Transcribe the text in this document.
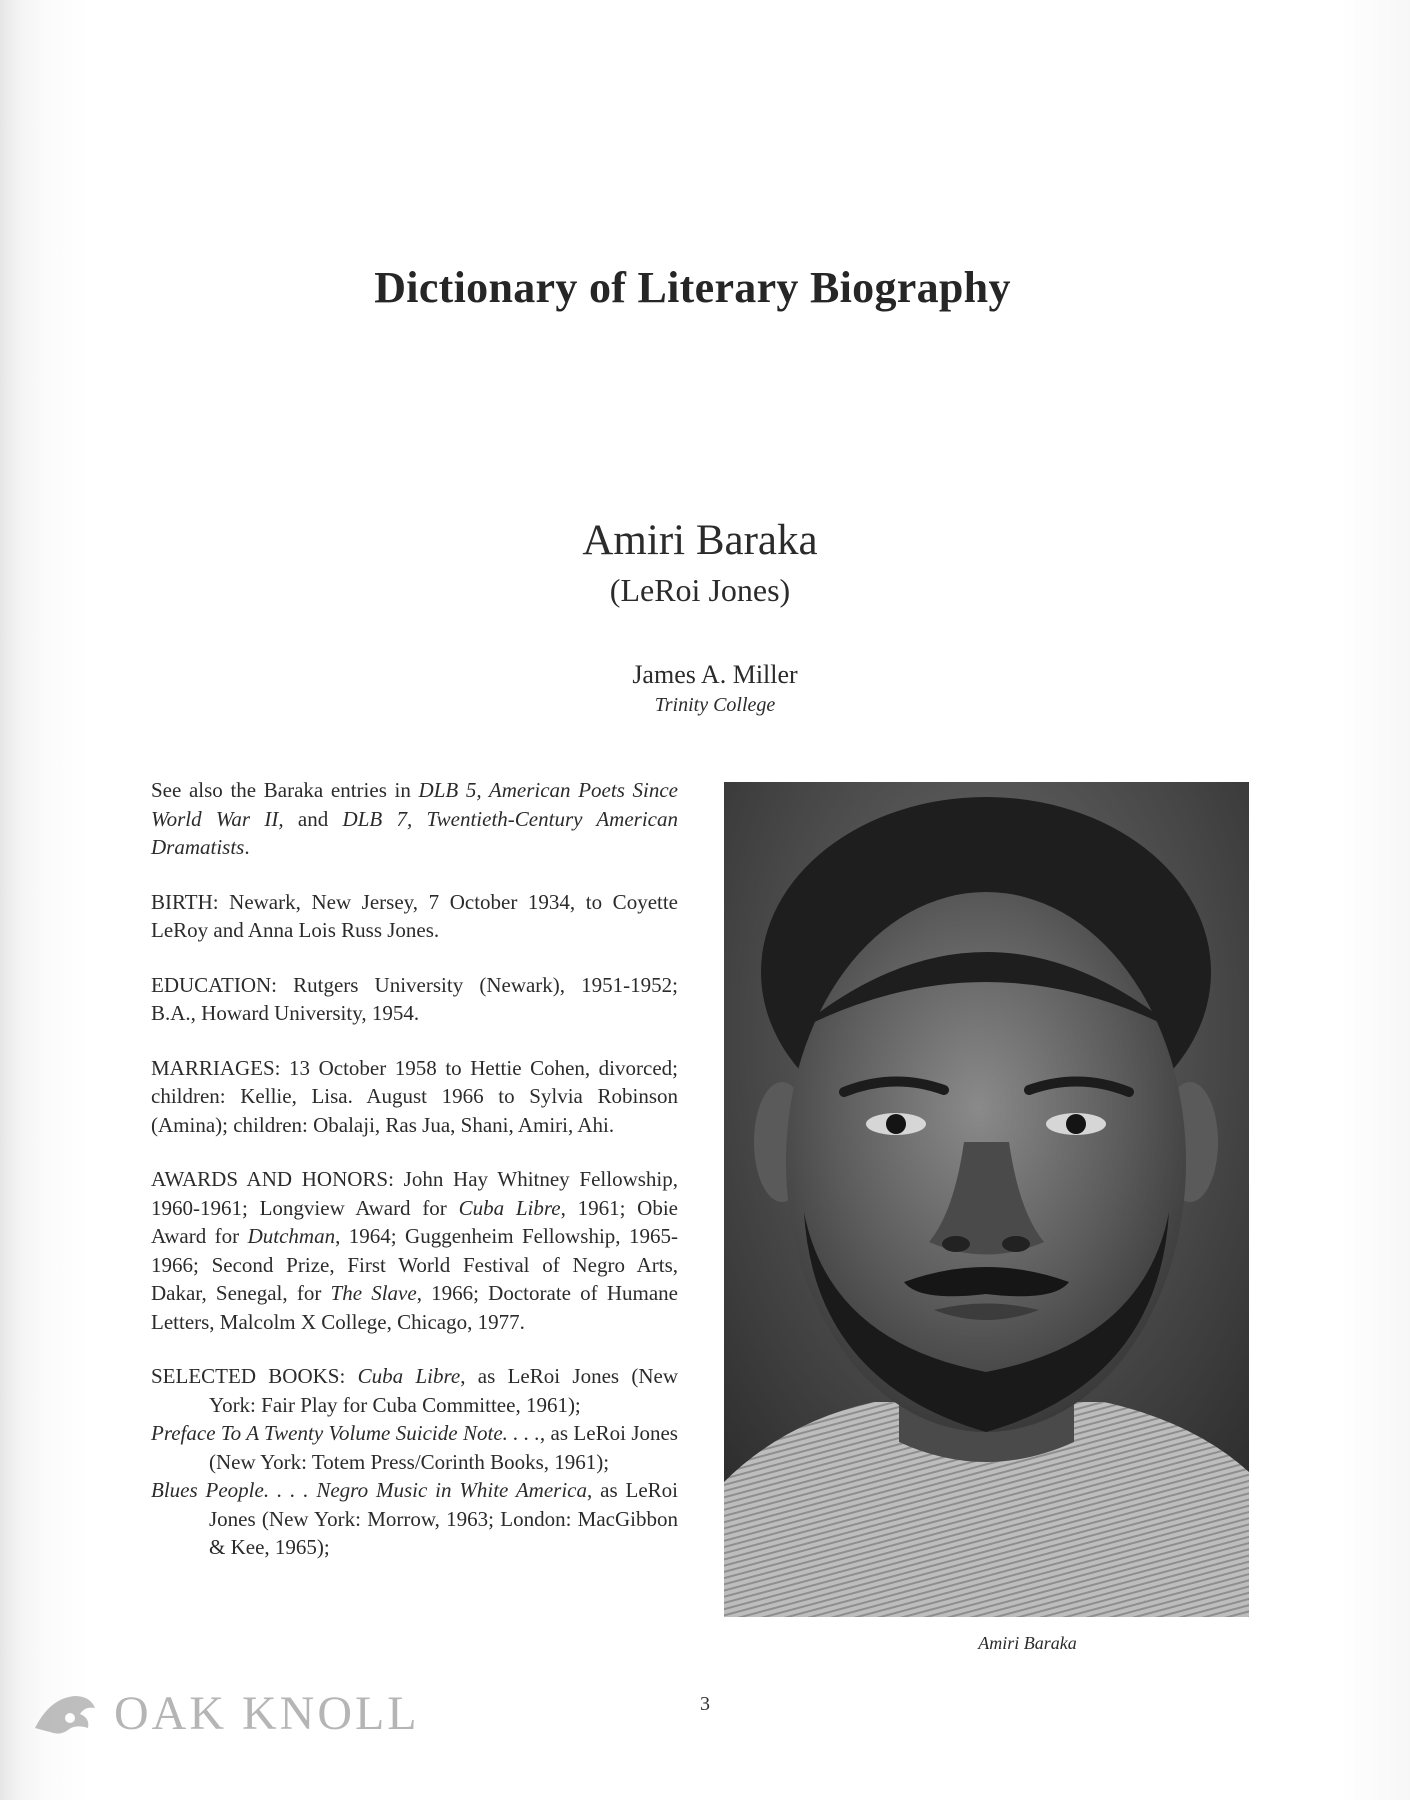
Dictionary of Literary Biography
Amiri Baraka
(LeRoi Jones)
James A. Miller
Trinity College

See also the Baraka entries in DLB 5, American Poets Since World War II, and DLB 7, Twentieth-Century American Dramatists.

BIRTH: Newark, New Jersey, 7 October 1934, to Coyette LeRoy and Anna Lois Russ Jones.

EDUCATION: Rutgers University (Newark), 1951-1952; B.A., Howard University, 1954.

MARRIAGES: 13 October 1958 to Hettie Cohen, divorced; children: Kellie, Lisa. August 1966 to Sylvia Robinson (Amina); children: Obalaji, Ras Jua, Shani, Amiri, Ahi.

AWARDS AND HONORS: John Hay Whitney Fellowship, 1960-1961; Longview Award for Cuba Libre, 1961; Obie Award for Dutchman, 1964; Guggenheim Fellowship, 1965-1966; Second Prize, First World Festival of Negro Arts, Dakar, Senegal, for The Slave, 1966; Doctorate of Humane Letters, Malcolm X College, Chicago, 1977.

SELECTED BOOKS: Cuba Libre, as LeRoi Jones (New York: Fair Play for Cuba Committee, 1961);

Preface To A Twenty Volume Suicide Note. . . ., as LeRoi Jones (New York: Totem Press/Corinth Books, 1961);

Blues People. . . . Negro Music in White America, as LeRoi Jones (New York: Morrow, 1963; London: MacGibbon & Kee, 1965);

Amiri Baraka
3
OAK KNOLL
